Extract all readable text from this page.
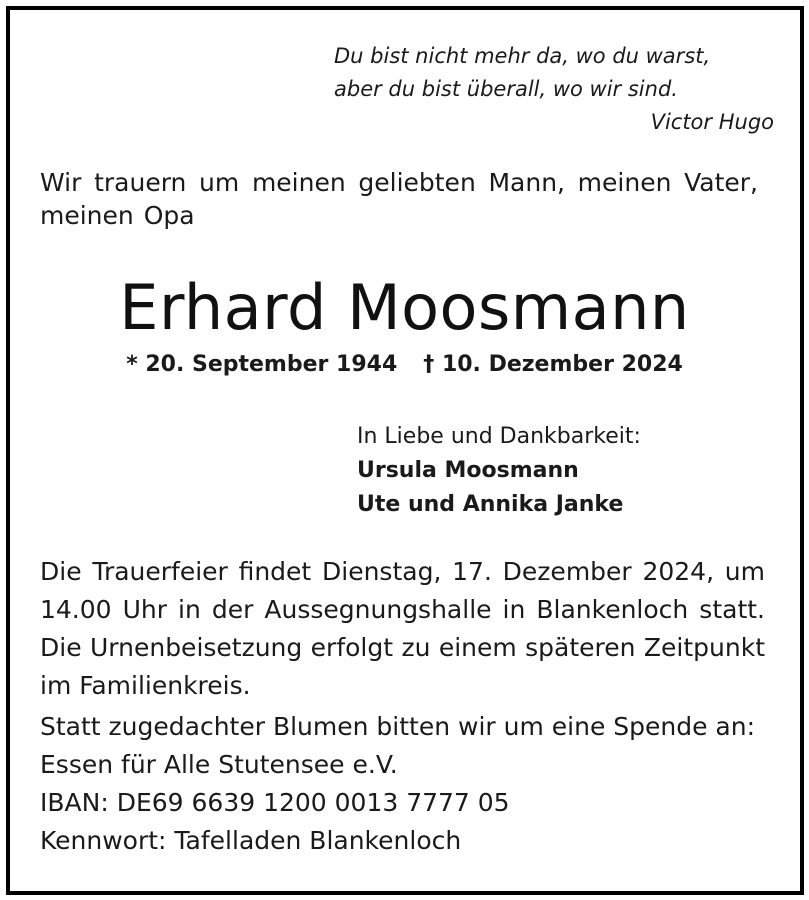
Du bist nicht mehr da, wo du warst,
aber du bist überall, wo wir sind.
Victor Hugo
Wir trauern um meinen geliebten Mann, meinen Vater, meinen Opa
Erhard Moosmann
* 20. September 1944 † 10. Dezember 2024
In Liebe und Dankbarkeit:
Ursula Moosmann
Ute und Annika Janke
Die Trauerfeier findet Dienstag, 17. Dezember 2024, um 14.00 Uhr in der Aussegnungshalle in Blankenloch statt. Die Urnenbeisetzung erfolgt zu einem späteren Zeitpunkt im Familienkreis.
Statt zugedachter Blumen bitten wir um eine Spende an: Essen für Alle Stutensee e.V.
IBAN: DE69 6639 1200 0013 7777 05
Kennwort: Tafelladen Blankenloch
